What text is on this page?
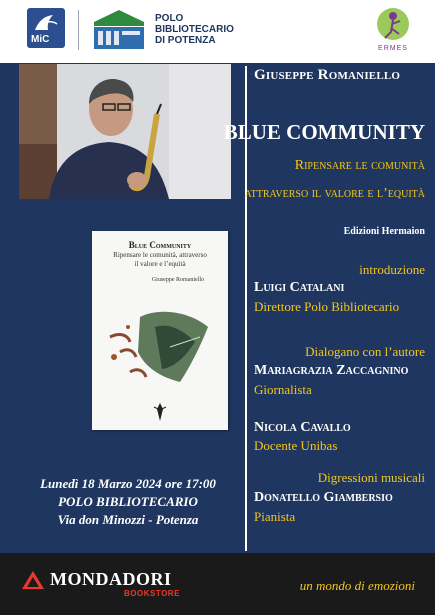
MiC
POLO
BIBLIOTECARIO
DI POTENZA
ERMES
Giuseppe Romaniello
BLUE COMMUNITY
Ripensare le comunità
attraverso il valore e l’equità
Edizioni Hermaion
introduzione
Luigi Catalani
Direttore Polo Bibliotecario
Dialogano con l’autore
Mariagrazia Zaccagnino
Giornalista
Nicola Cavallo
Docente Unibas
Digressioni musicali
Donatello Giambersio
Pianista
Blue Community
Ripensare le comunità, attraverso
il valore e l’equità
Giuseppe Romaniello
Lunedì 18 Marzo 2024 ore 17:00
POLO BIBLIOTECARIO
Via don Minozzi - Potenza
MONDADORI
BOOKSTORE
un mondo di emozioni
